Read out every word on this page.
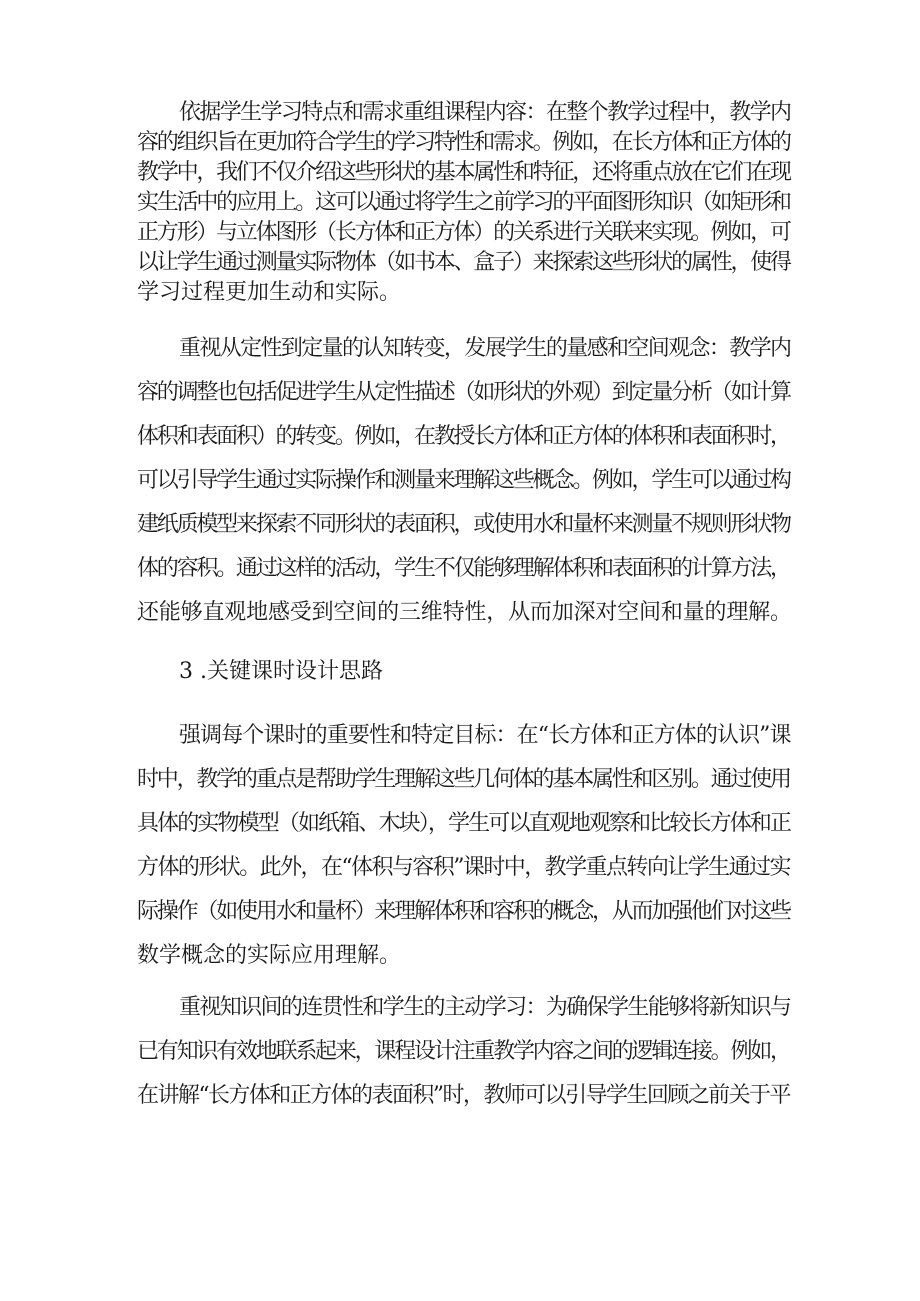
依据学生学习特点和需求重组课程内容：在整个教学过程中，教学内

容的组织旨在更加符合学生的学习特性和需求。例如，在长方体和正方体的

教学中，我们不仅介绍这些形状的基本属性和特征，还将重点放在它们在现

实生活中的应用上。这可以通过将学生之前学习的平面图形知识（如矩形和

正方形）与立体图形（长方体和正方体）的关系进行关联来实现。例如，可

以让学生通过测量实际物体（如书本、盒子）来探索这些形状的属性，使得

学习过程更加生动和实际。

重视从定性到定量的认知转变，发展学生的量感和空间观念：教学内

容的调整也包括促进学生从定性描述（如形状的外观）到定量分析（如计算

体积和表面积）的转变。例如，在教授长方体和正方体的体积和表面积时，

可以引导学生通过实际操作和测量来理解这些概念。例如，学生可以通过构

建纸质模型来探索不同形状的表面积，或使用水和量杯来测量不规则形状物

体的容积。通过这样的活动，学生不仅能够理解体积和表面积的计算方法，

还能够直观地感受到空间的三维特性，从而加深对空间和量的理解。

3 .关键课时设计思路

强调每个课时的重要性和特定目标：在“长方体和正方体的认识”课

时中，教学的重点是帮助学生理解这些几何体的基本属性和区别。通过使用

具体的实物模型（如纸箱、木块），学生可以直观地观察和比较长方体和正

方体的形状。此外，在“体积与容积”课时中，教学重点转向让学生通过实

际操作（如使用水和量杯）来理解体积和容积的概念，从而加强他们对这些

数学概念的实际应用理解。

重视知识间的连贯性和学生的主动学习：为确保学生能够将新知识与

已有知识有效地联系起来，课程设计注重教学内容之间的逻辑连接。例如，

在讲解“长方体和正方体的表面积”时，教师可以引导学生回顾之前关于平
